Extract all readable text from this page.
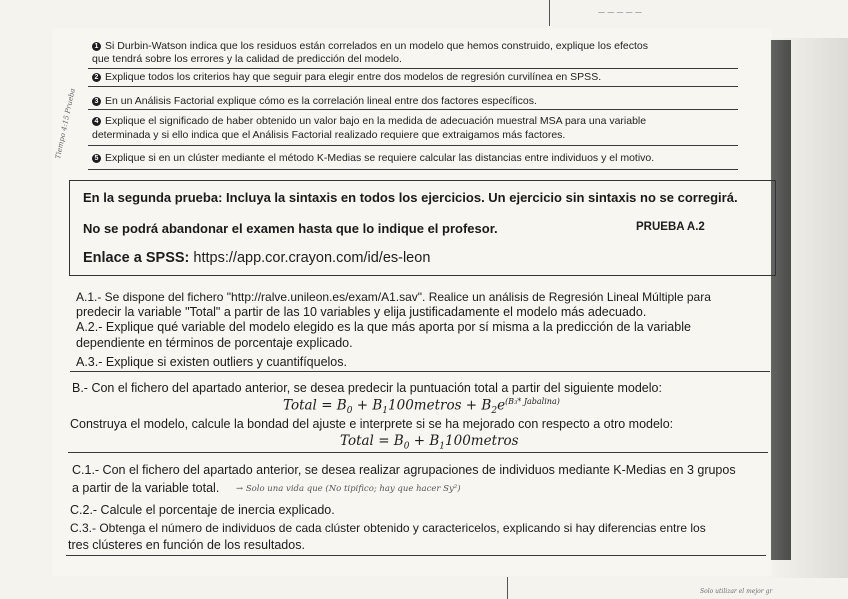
— — — — —
Solo utilizar el mejor gr
Tiempo 4:15 Prueba
1 Si Durbin-Watson indica que los residuos están correlados en un modelo que hemos construido, explique los efectos
que tendrá sobre los errores y la calidad de predicción del modelo.
2 Explique todos los criterios hay que seguir para elegir entre dos modelos de regresión curvilínea en SPSS.
3 En un Análisis Factorial explique cómo es la correlación lineal entre dos factores específicos.
4 Explique el significado de haber obtenido un valor bajo en la medida de adecuación muestral MSA para una variable
determinada y si ello indica que el Análisis Factorial realizado requiere que extraigamos más factores.
5 Explique si en un clúster mediante el método K-Medias se requiere calcular las distancias entre individuos y el motivo.
En la segunda prueba: Incluya la sintaxis en todos los ejercicios. Un ejercicio sin sintaxis no se corregirá.
No se podrá abandonar el examen hasta que lo indique el profesor.	PRUEBA A.2
Enlace a SPSS: https://app.cor.crayon.com/id/es-leon
A.1.- Se dispone del fichero "http://ralve.unileon.es/exam/A1.sav". Realice un análisis de Regresión Lineal Múltiple para
predecir la variable "Total" a partir de las 10 variables y elija justificadamente el modelo más adecuado.
A.2.- Explique qué variable del modelo elegido es la que más aporta por sí misma a la predicción de la variable
dependiente en términos de porcentaje explicado.
A.3.- Explique si existen outliers y cuantifíquelos.
B.- Con el fichero del apartado anterior, se desea predecir la puntuación total a partir del siguiente modelo:
Total = $B_0$ + $B_1100metros + B_2e^{(B_3* Jabalina)}$
Construya el modelo, calcule la bondad del ajuste e interprete si se ha mejorado con respecto a otro modelo:
Total = $B_0$ + $B_1100metros$
C.1.- Con el fichero del apartado anterior, se desea realizar agrupaciones de individuos mediante K-Medias en 3 grupos
a partir de la variable total. → Solo una vida que (No tipifico; hay que hacer Sy²)
C.2.- Calcule el porcentaje de inercia explicado.
C.3.- Obtenga el número de individuos de cada clúster obtenido y caractericelos, explicando si hay diferencias entre los
tres clústeres en función de los resultados.
